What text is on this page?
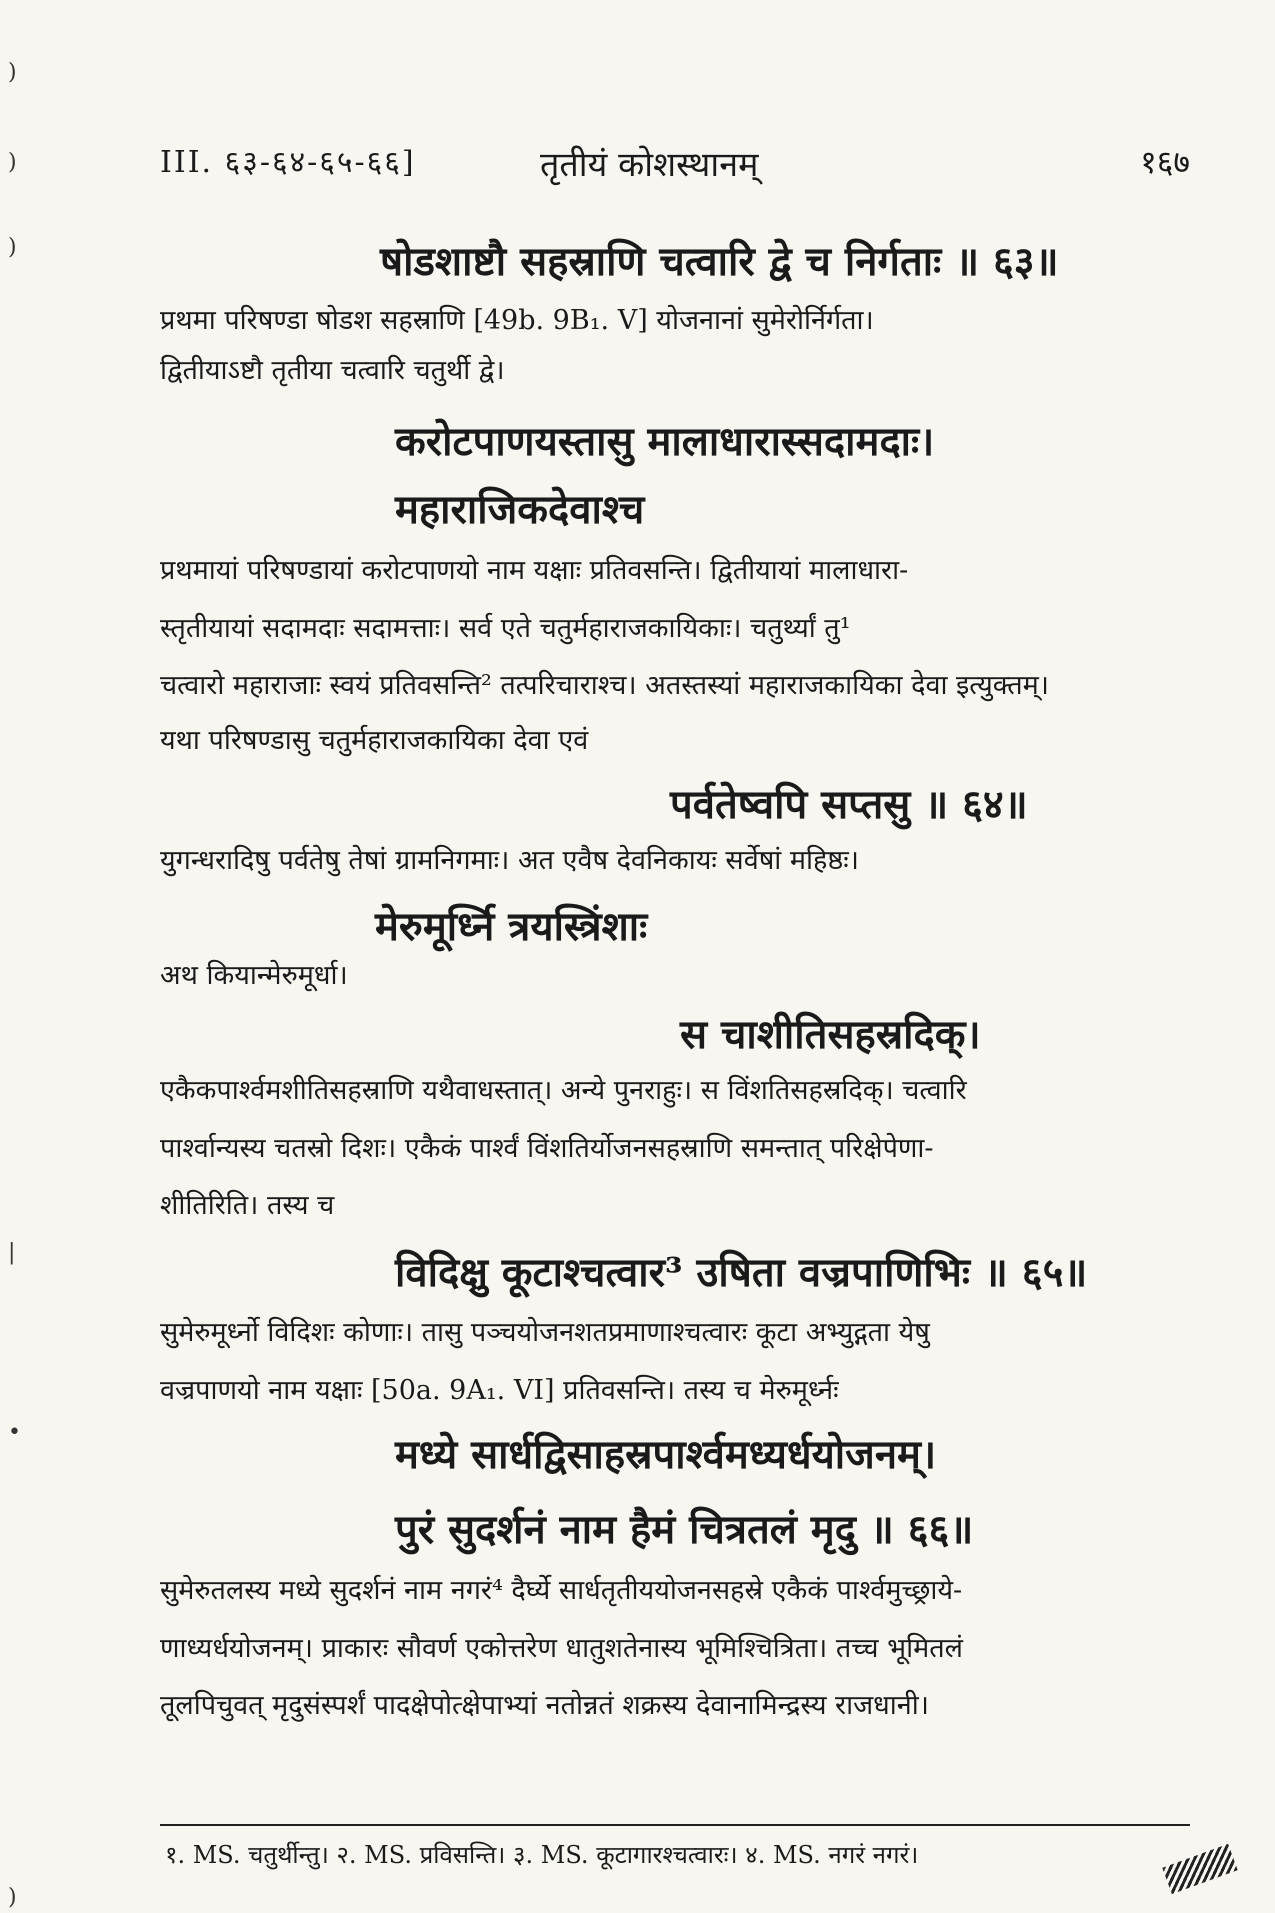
III. ६३-६४-६५-६६]	तृतीयं कोशस्थानम्	१६७
षोडशाष्टौ सहस्राणि चत्वारि द्वे च निर्गताः ॥ ६३॥
प्रथमा परिषण्डा षोडश सहस्राणि [49b. 9B₁. V] योजनानां सुमेरोर्निर्गता।
द्वितीयाऽष्टौ तृतीया चत्वारि चतुर्थी द्वे।
करोटपाणयस्तासु मालाधारास्सदामदाः।
महाराजिकदेवाश्च
प्रथमायां परिषण्डायां करोटपाणयो नाम यक्षाः प्रतिवसन्ति। द्वितीयायां मालाधारा-
स्तृतीयायां सदामदाः सदामत्ताः। सर्व एते चतुर्महाराजकायिकाः। चतुर्थ्यां तु¹
चत्वारो महाराजाः स्वयं प्रतिवसन्ति² तत्परिचाराश्च। अतस्तस्यां महाराजकायिका देवा इत्युक्तम्।
यथा परिषण्डासु चतुर्महाराजकायिका देवा एवं
पर्वतेष्वपि सप्तसु ॥ ६४॥
युगन्धरादिषु पर्वतेषु तेषां ग्रामनिगमाः। अत एवैष देवनिकायः सर्वेषां महिष्ठः।
मेरुमूर्ध्नि त्रयस्त्रिंशाः
अथ कियान्मेरुमूर्धा।
स चाशीतिसहस्रदिक्।
एकैकपार्श्वमशीतिसहस्राणि यथैवाधस्तात्। अन्ये पुनराहुः। स विंशतिसहस्रदिक्। चत्वारि
पार्श्वान्यस्य चतस्रो दिशः। एकैकं पार्श्वं विंशतिर्योजनसहस्राणि समन्तात् परिक्षेपेणा-
शीतिरिति। तस्य च
विदिक्षु कूटाश्चत्वार³ उषिता वज्रपाणिभिः ॥ ६५॥
सुमेरुमूर्ध्नो विदिशः कोणाः। तासु पञ्चयोजनशतप्रमाणाश्चत्वारः कूटा अभ्युद्गता येषु
वज्रपाणयो नाम यक्षाः [50a. 9A₁. VI] प्रतिवसन्ति। तस्य च मेरुमूर्ध्नः
मध्ये सार्धद्विसाहस्रपार्श्वमध्यर्धयोजनम्।
पुरं सुदर्शनं नाम हैमं चित्रतलं मृदु ॥ ६६॥
सुमेरुतलस्य मध्ये सुदर्शनं नाम नगरं⁴ दैर्घ्ये सार्धतृतीययोजनसहस्रे एकैकं पार्श्वमुच्छ्राये-
णाध्यर्धयोजनम्। प्राकारः सौवर्ण एकोत्तरेण धातुशतेनास्य भूमिश्चित्रिता। तच्च भूमितलं
तूलपिचुवत् मृदुसंस्पर्शं पादक्षेपोत्क्षेपाभ्यां नतोन्नतं शक्रस्य देवानामिन्द्रस्य राजधानी।
१. MS. चतुर्थीन्तु। २. MS. प्रविसन्ति। ३. MS. कूटागारश्चत्वारः। ४. MS. नगरं नगरं।
)
)
)
|
•
)
